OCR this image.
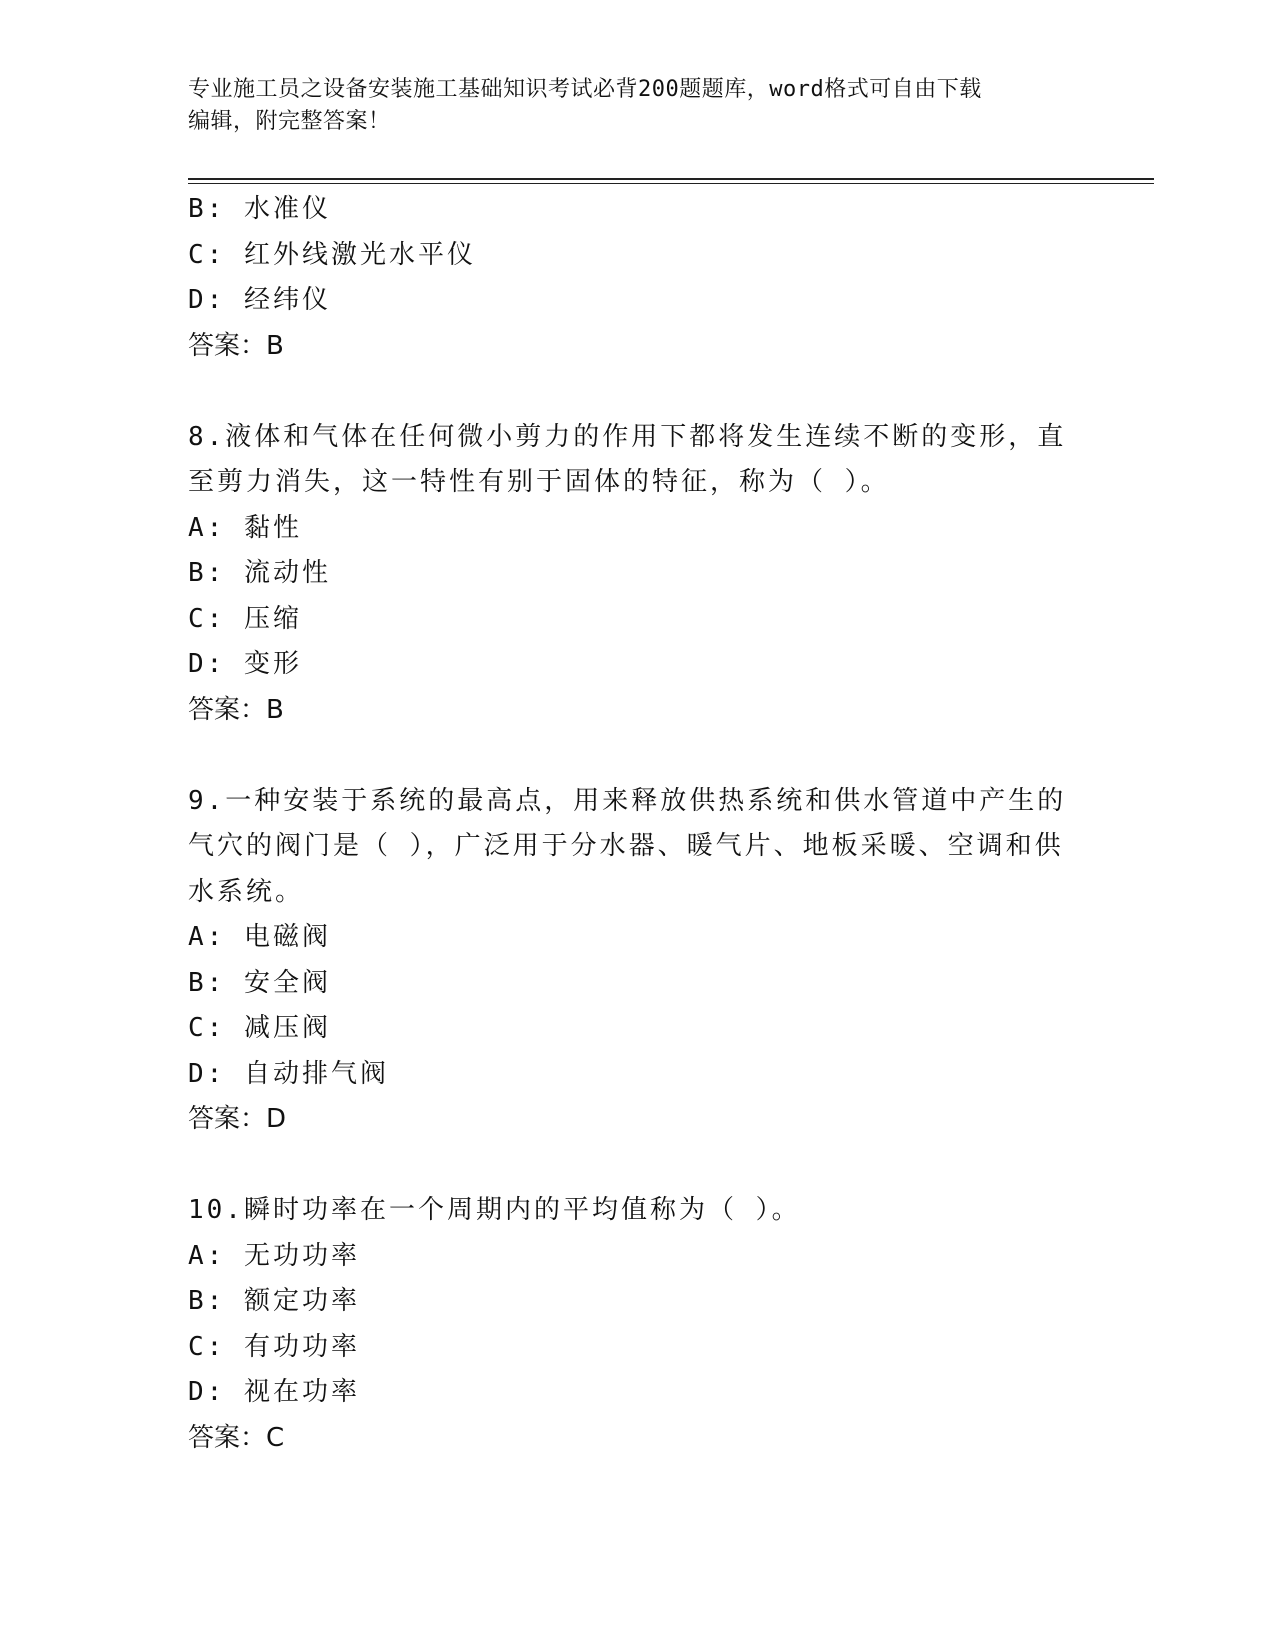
专业施工员之设备安装施工基础知识考试必背200题题库，word格式可自由下载
编辑，附完整答案！
B: 水准仪
C: 红外线激光水平仪
D: 经纬仪
答案：B
8.液体和气体在任何微小剪力的作用下都将发生连续不断的变形，直
至剪力消失，这一特性有别于固体的特征，称为（ ）。
A: 黏性
B: 流动性
C: 压缩
D: 变形
答案：B
9.一种安装于系统的最高点，用来释放供热系统和供水管道中产生的
气穴的阀门是（ ），广泛用于分水器、暖气片、地板采暖、空调和供
水系统。
A: 电磁阀
B: 安全阀
C: 减压阀
D: 自动排气阀
答案：D
10.瞬时功率在一个周期内的平均值称为（ ）。
A: 无功功率
B: 额定功率
C: 有功功率
D: 视在功率
答案：C
